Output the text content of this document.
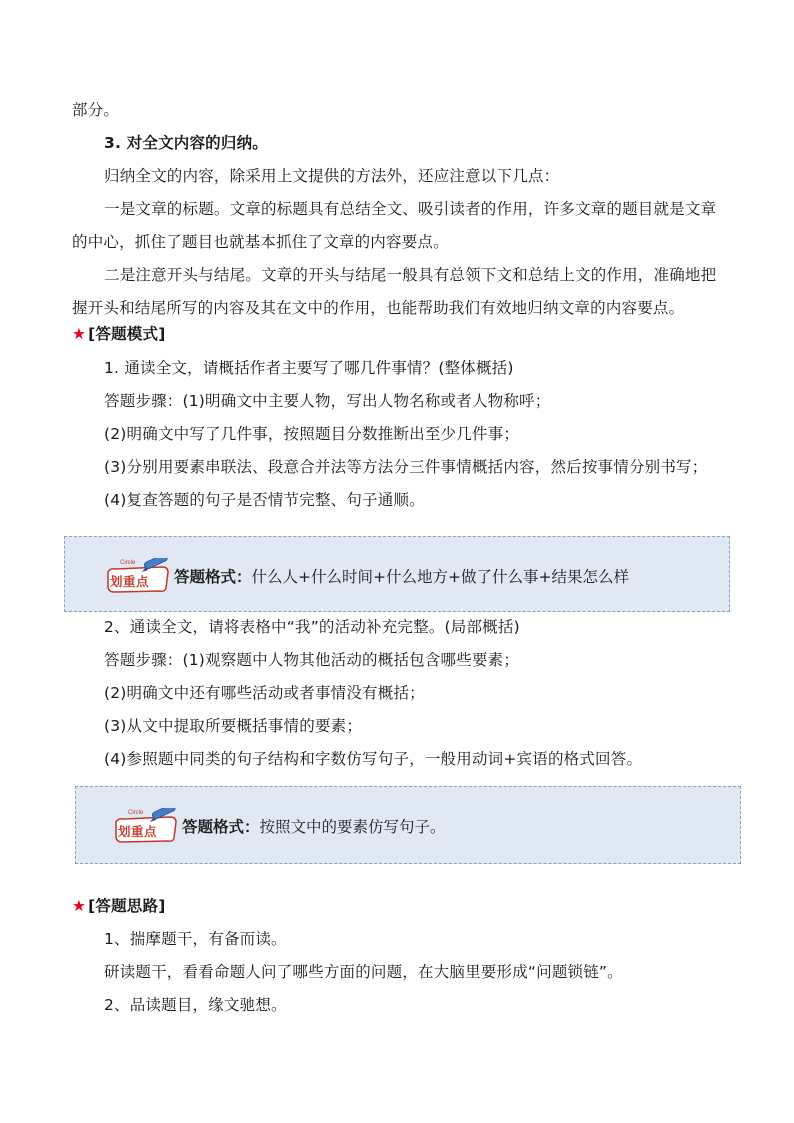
部分。
3. 对全文内容的归纳。
归纳全文的内容，除采用上文提供的方法外，还应注意以下几点：
一是文章的标题。文章的标题具有总结全文、吸引读者的作用，许多文章的题目就是文章
的中心，抓住了题目也就基本抓住了文章的内容要点。
二是注意开头与结尾。文章的开头与结尾一般具有总领下文和总结上文的作用，准确地把
握开头和结尾所写的内容及其在文中的作用，也能帮助我们有效地归纳文章的内容要点。
★ [答题模式]
1. 通读全文，请概括作者主要写了哪几件事情？(整体概括)
答题步骤：(1)明确文中主要人物，写出人物名称或者人物称呼；
(2)明确文中写了几件事，按照题目分数推断出至少几件事；
(3)分别用要素串联法、段意合并法等方法分三件事情概括内容，然后按事情分别书写；
(4)复查答题的句子是否情节完整、句子通顺。
Circle
划重点 答题格式： 什么人+什么时间+什么地方+做了什么事+结果怎么样
2、通读全文，请将表格中“我”的活动补充完整。(局部概括)
答题步骤：(1)观察题中人物其他活动的概括包含哪些要素；
(2)明确文中还有哪些活动或者事情没有概括；
(3)从文中提取所要概括事情的要素；
(4)参照题中同类的句子结构和字数仿写句子，一般用动词+宾语的格式回答。
Circle
划重点 答题格式： 按照文中的要素仿写句子。
★ [答题思路]
1、揣摩题干，有备而读。
研读题干，看看命题人问了哪些方面的问题，在大脑里要形成“问题锁链”。
2、品读题目，缘文驰想。
